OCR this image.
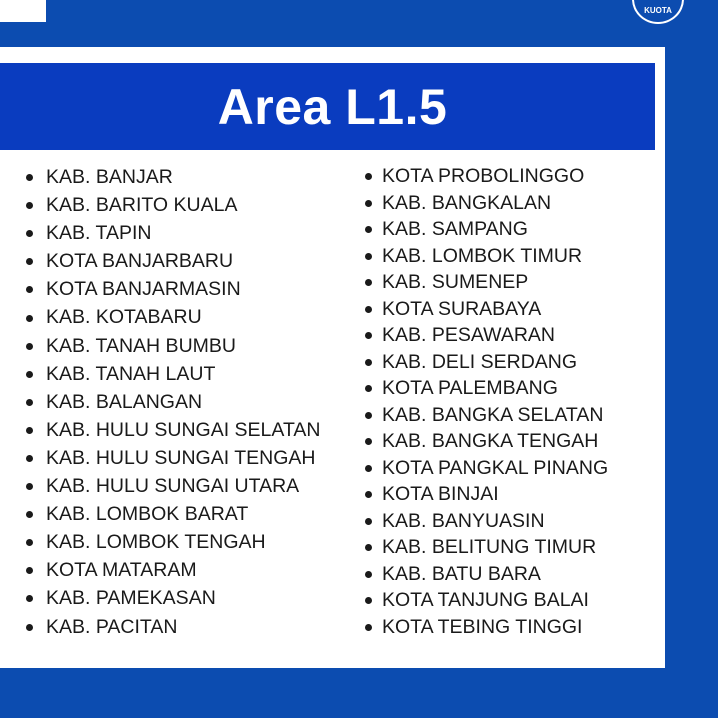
KUOTA
Area L1.5
KAB. BANJAR
KAB. BARITO KUALA
KAB. TAPIN
KOTA BANJARBARU
KOTA BANJARMASIN
KAB. KOTABARU
KAB. TANAH BUMBU
KAB. TANAH LAUT
KAB. BALANGAN
KAB. HULU SUNGAI SELATAN
KAB. HULU SUNGAI TENGAH
KAB. HULU SUNGAI UTARA
KAB. LOMBOK BARAT
KAB. LOMBOK TENGAH
KOTA MATARAM
KAB. PAMEKASAN
KAB. PACITAN
KOTA PROBOLINGGO
KAB. BANGKALAN
KAB. SAMPANG
KAB. LOMBOK TIMUR
KAB. SUMENEP
KOTA SURABAYA
KAB. PESAWARAN
KAB. DELI SERDANG
KOTA PALEMBANG
KAB. BANGKA SELATAN
KAB. BANGKA TENGAH
KOTA PANGKAL PINANG
KOTA BINJAI
KAB. BANYUASIN
KAB. BELITUNG TIMUR
KAB. BATU BARA
KOTA TANJUNG BALAI
KOTA TEBING TINGGI
